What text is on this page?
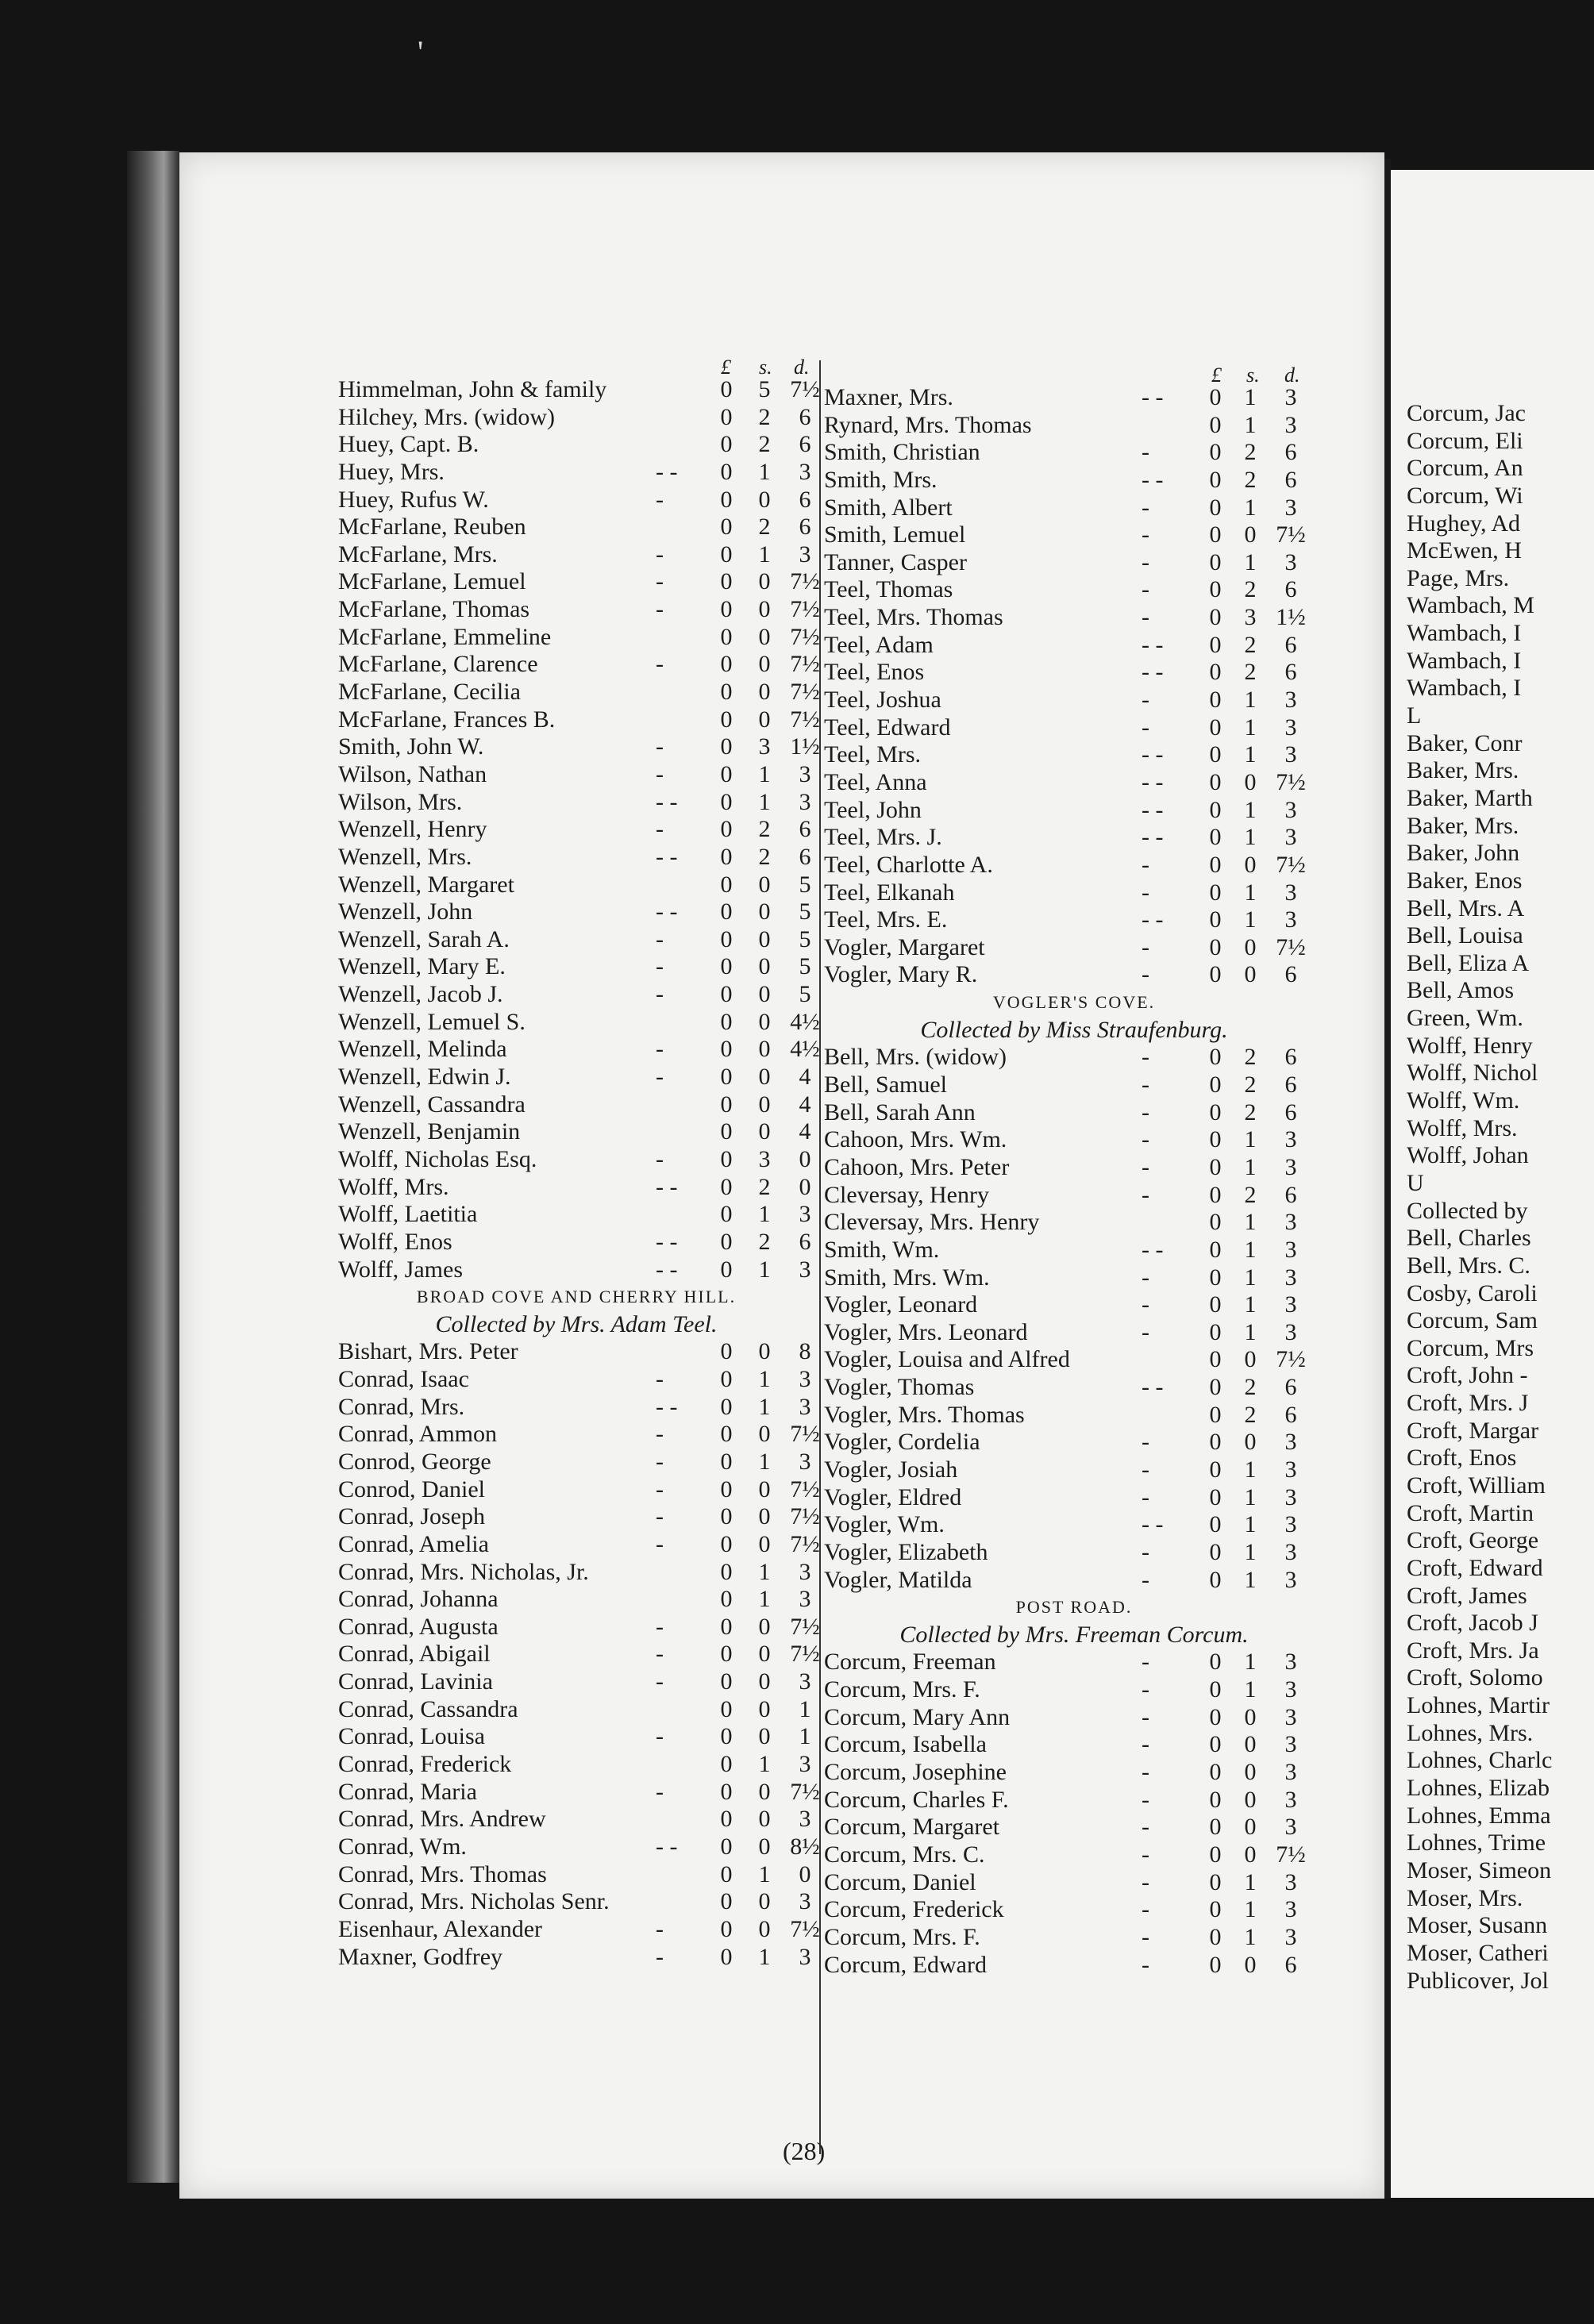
'
£ s. d.	£ s. d.
Himmelman, John & family	0 5 7½
Hilchey, Mrs. (widow)	0 2	6
Huey, Capt. B.	0 2	6
Huey, Mrs.	- - 0 1	3
Huey, Rufus W.	- 0 0	6
McFarlane, Reuben	0 2	6
McFarlane, Mrs.	- 0 1	3
McFarlane, Lemuel	- 0 0 7½
McFarlane, Thomas	- 0 0 7½
McFarlane, Emmeline	0 0 7½
McFarlane, Clarence	- 0 0 7½
McFarlane, Cecilia	0 0 7½
McFarlane, Frances B.	0 0 7½
Smith, John W.	- 0 3 1½
Wilson, Nathan	- 0 1	3
Wilson, Mrs.	- - 0 1	3
Wenzell, Henry	- 0 2	6
Wenzell, Mrs.	- - 0 2	6
Wenzell, Margaret	0 0	5
Wenzell, John	- - 0 0	5
Wenzell, Sarah A.	- 0 0	5
Wenzell, Mary E.	- 0 0	5
Wenzell, Jacob J.	- 0 0	5
Wenzell, Lemuel S.	0 0 4½
Wenzell, Melinda	- 0 0 4½
Wenzell, Edwin J.	- 0 0	4
Wenzell, Cassandra	0 0	4
Wenzell, Benjamin	0 0	4
Wolff, Nicholas Esq.	- 0 3	0
Wolff, Mrs.	- - 0 2	0
Wolff, Laetitia	0 1	3
Wolff, Enos	- - 0 2	6
Wolff, James	- - 0 1	3
BROAD COVE AND CHERRY HILL.
Collected by Mrs. Adam Teel.
Bishart, Mrs. Peter	0 0	8
Conrad, Isaac	- 0 1	3
Conrad, Mrs.	- - 0 1	3
Conrad, Ammon	- 0 0 7½
Conrod, George	- 0 1	3
Conrod, Daniel	- 0 0 7½
Conrad, Joseph	- 0 0 7½
Conrad, Amelia	- 0 0 7½
Conrad, Mrs. Nicholas, Jr.	0 1	3
Conrad, Johanna	0 1	3
Conrad, Augusta	- 0 0 7½
Conrad, Abigail	- 0 0 7½
Conrad, Lavinia	- 0 0	3
Conrad, Cassandra	0 0	1
Conrad, Louisa	- 0 0	1
Conrad, Frederick	0 1	3
Conrad, Maria	- 0 0 7½
Conrad, Mrs. Andrew	0 0	3
Conrad, Wm.	- - 0 0 8½
Conrad, Mrs. Thomas	0 1	0
Conrad, Mrs. Nicholas Senr.	0 0	3
Eisenhaur, Alexander	- 0 0 7½
Maxner, Godfrey	- 0 1	3
Maxner, Mrs.	- - 0 1	3
Rynard, Mrs. Thomas	0 1	3
Smith, Christian	-	0 2	6
Smith, Mrs.	- - 0 2	6
Smith, Albert	-	0 1	3
Smith, Lemuel	-	0 0 7½
Tanner, Casper	-	0 1	3
Teel, Thomas	-	0 2	6
Teel, Mrs. Thomas	-	0 3 1½
Teel, Adam	- - 0 2	6
Teel, Enos	- - 0 2	6
Teel, Joshua	-	0 1	3
Teel, Edward	-	0 1	3
Teel, Mrs.	- - 0 1	3
Teel, Anna	- - 0 0 7½
Teel, John	- - 0 1	3
Teel, Mrs. J.	- - 0 1	3
Teel, Charlotte A.	-	0 0 7½
Teel, Elkanah	-	0 1	3
Teel, Mrs. E.	- - 0 1	3
Vogler, Margaret	-	0 0 7½
Vogler, Mary R.	-	0 0	6
VOGLER'S COVE.
Collected by Miss Straufenburg.
Bell, Mrs. (widow)	-	0 2	6
Bell, Samuel	-	0 2	6
Bell, Sarah Ann	-	0 2	6
Cahoon, Mrs. Wm.	-	0 1	3
Cahoon, Mrs. Peter	-	0 1	3
Cleversay, Henry	-	0 2	6
Cleversay, Mrs. Henry	0 1	3
Smith, Wm.	- - 0 1	3
Smith, Mrs. Wm.	-	0 1	3
Vogler, Leonard	-	0 1	3
Vogler, Mrs. Leonard	-	0 1	3
Vogler, Louisa and Alfred	0 0 7½
Vogler, Thomas	- - 0 2	6
Vogler, Mrs. Thomas	0 2	6
Vogler, Cordelia	-	0 0	3
Vogler, Josiah	-	0 1	3
Vogler, Eldred	-	0 1	3
Vogler, Wm.	- - 0 1	3
Vogler, Elizabeth	-	0 1	3
Vogler, Matilda	-	0 1	3
POST ROAD.
Collected by Mrs. Freeman Corcum.
Corcum, Freeman	-	0 1	3
Corcum, Mrs. F.	-	0 1	3
Corcum, Mary Ann	-	0 0	3
Corcum, Isabella	-	0 0	3
Corcum, Josephine	-	0 0	3
Corcum, Charles F.	-	0 0	3
Corcum, Margaret	-	0 0	3
Corcum, Mrs. C.	-	0 0 7½
Corcum, Daniel	-	0 1	3
Corcum, Frederick	-	0 1	3
Corcum, Mrs. F.	-	0 1	3
Corcum, Edward	-	0 0	6
(28)
Corcum, Jac
Corcum, Eli
Corcum, An
Corcum, Wi
Hughey, Ad
McEwen, H
Page, Mrs.
Wambach, M
Wambach, I
Wambach, I
Wambach, I
L
Baker, Conr
Baker, Mrs.
Baker, Marth
Baker, Mrs.
Baker, John
Baker, Enos
Bell, Mrs. A
Bell, Louisa
Bell, Eliza A
Bell, Amos
Green, Wm.
Wolff, Henry
Wolff, Nichol
Wolff, Wm.
Wolff, Mrs.
Wolff, Johan
U
Collected by
Bell, Charles
Bell, Mrs. C.
Cosby, Caroli
Corcum, Sam
Corcum, Mrs
Croft, John -
Croft, Mrs. J
Croft, Margar
Croft, Enos
Croft, William
Croft, Martin
Croft, George
Croft, Edward
Croft, James
Croft, Jacob J
Croft, Mrs. Ja
Croft, Solomo
Lohnes, Martir
Lohnes, Mrs.
Lohnes, Charlc
Lohnes, Elizab
Lohnes, Emma
Lohnes, Trime
Moser, Simeon
Moser, Mrs.
Moser, Susann
Moser, Catheri
Publicover, Jol
